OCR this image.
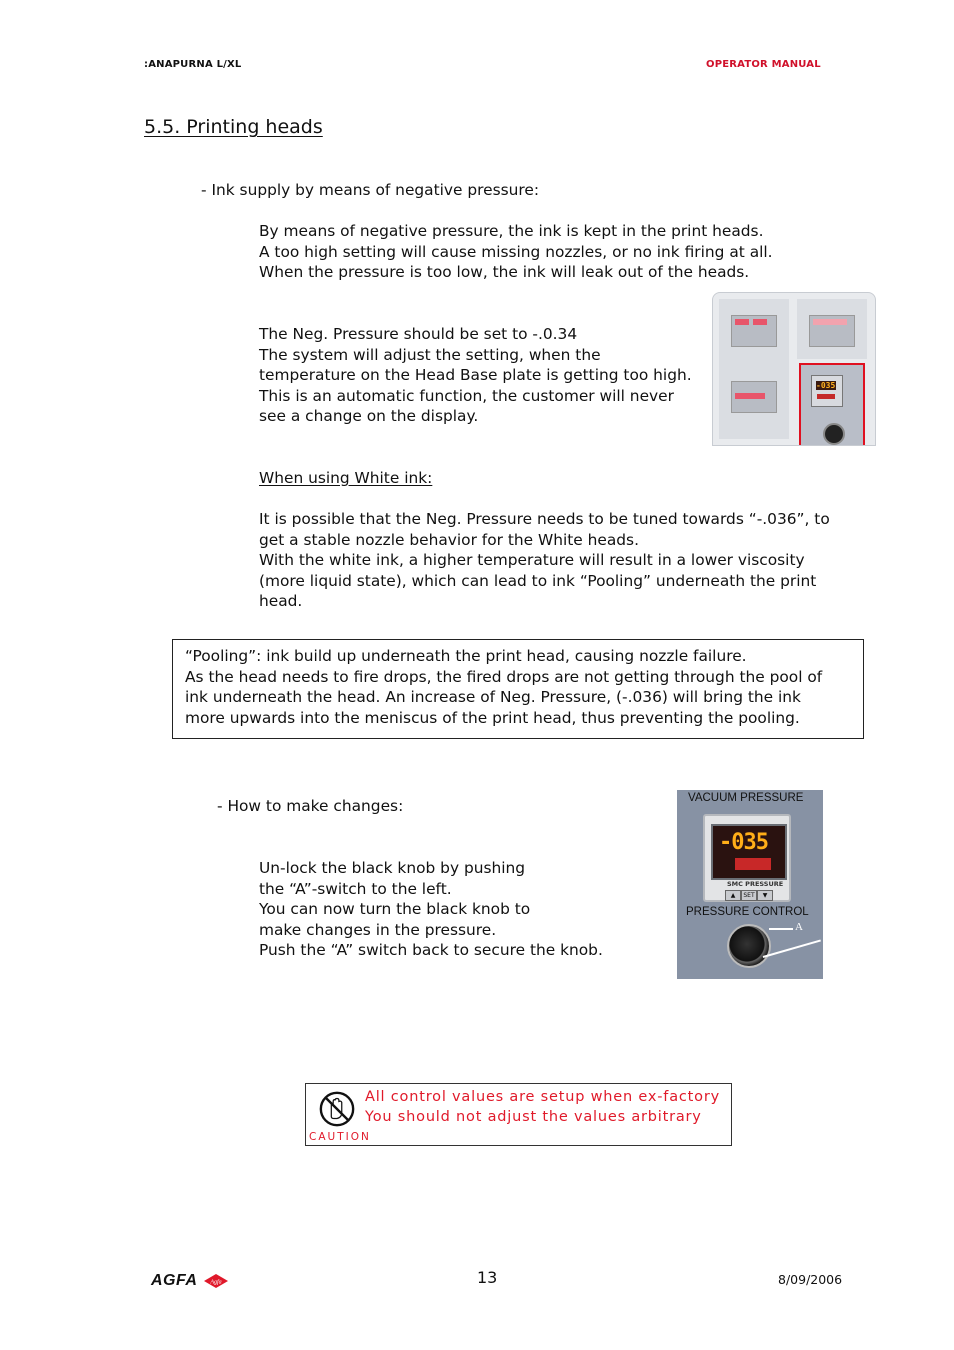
:ANAPURNA L/XL	OPERATOR MANUAL
5.5. Printing heads
- Ink supply by means of negative pressure:
By means of negative pressure, the ink is kept in the print heads.
A too high setting will cause missing nozzles, or no ink firing at all.
When the pressure is too low, the ink will leak out of the heads.
The Neg. Pressure should be set to -.0.34
The system will adjust the setting, when the
temperature on the Head Base plate is getting too high.
This is an automatic function, the customer will never
see a change on the display.
-035
When using White ink:
It is possible that the Neg. Pressure needs to be tuned towards “-.036”, to
get a stable nozzle behavior for the White heads.
With the white ink, a higher temperature will result in a lower viscosity
(more liquid state), which can lead to ink “Pooling” underneath the print
head.
“Pooling”: ink build up underneath the print head, causing nozzle failure.
As the head needs to fire drops, the fired drops are not getting through the pool of
ink underneath the head. An increase of Neg. Pressure, (-.036) will bring the ink
more upwards into the meniscus of the print head, thus preventing the pooling.
- How to make changes:
Un-lock the black knob by pushing
the “A”-switch to the left.
You can now turn the black knob to
make changes in the pressure.
Push the “A” switch back to secure the knob.
VACUUM PRESSURE
-035
SMC PRESSURE
▲	SET	▼
PRESSURE CONTROL
A
All control values are setup when ex-factory
You should not adjust the values arbitrary
CAUTION
AGFA Agfa	13	8/09/2006
